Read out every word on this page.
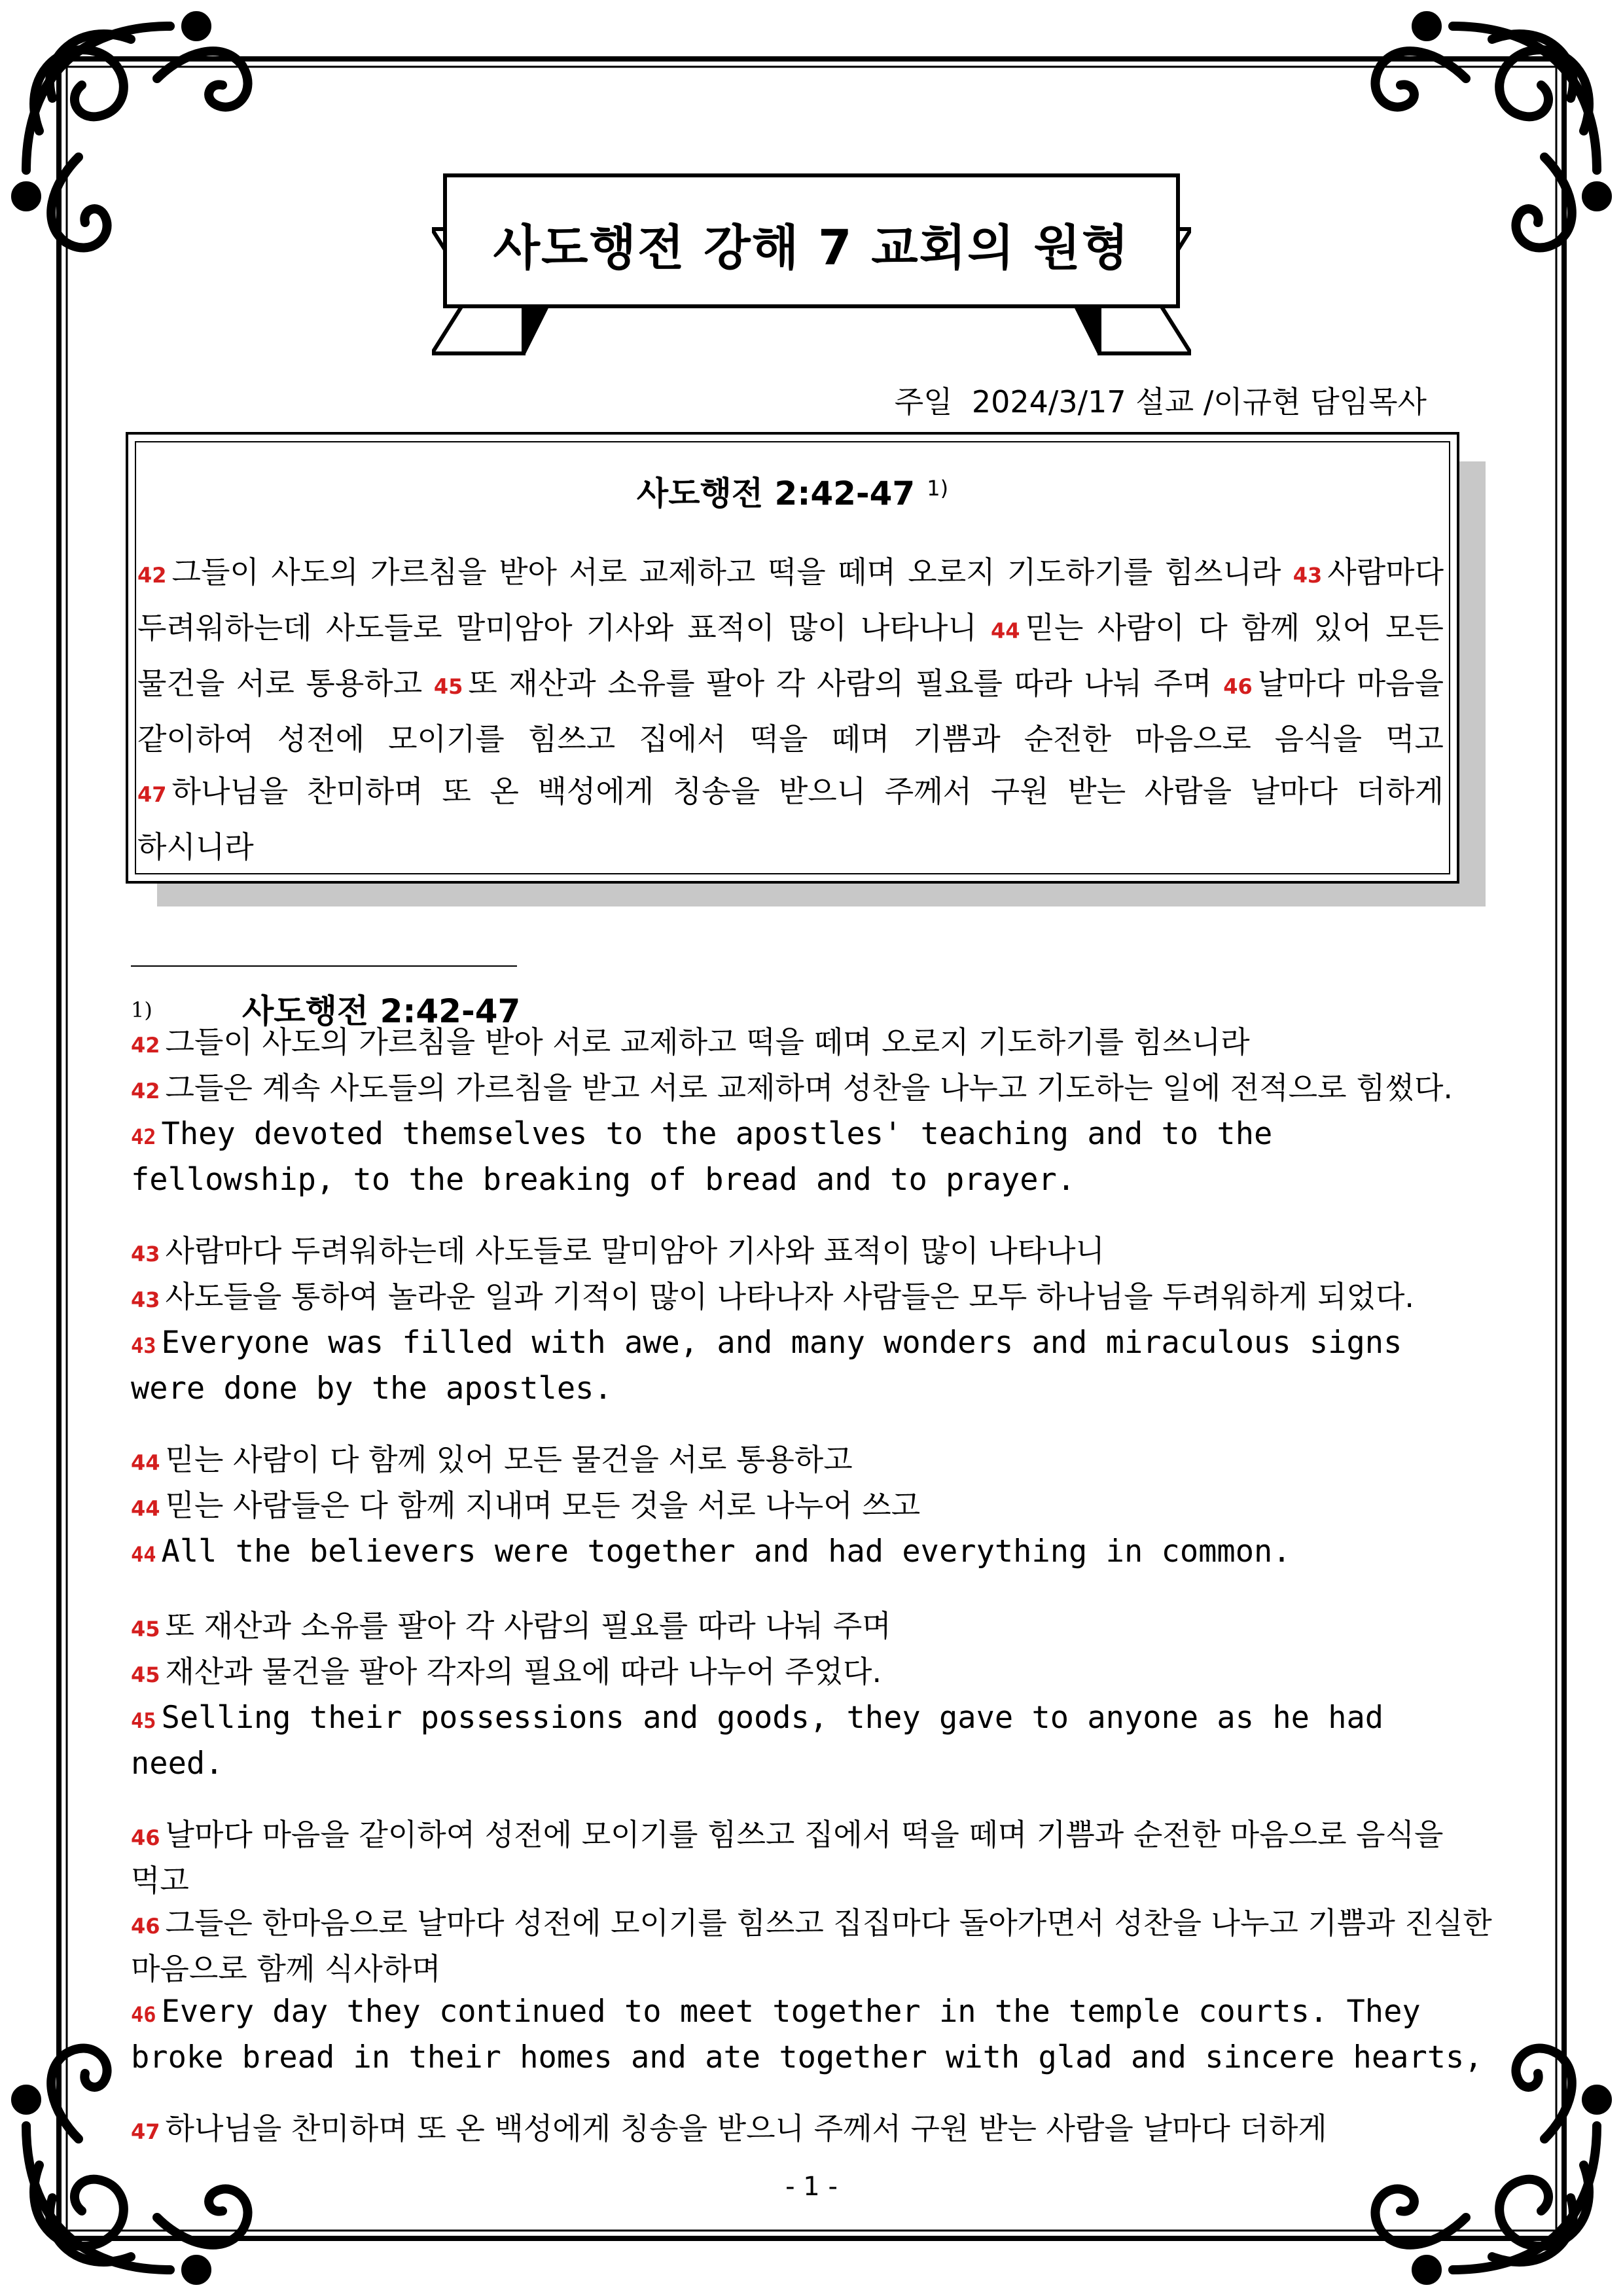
사도행전 강해 7 교회의 원형
주일  2024/3/17 설교 /이규현 담임목사
사도행전 2:42-47 $^{1)}$
42 그들이 사도의 가르침을 받아 서로 교제하고 떡을 떼며 오로지 기도하기를 힘쓰니라 43 사람마다 두려워하는데 사도들로 말미암아 기사와 표적이 많이 나타나니 44 믿는 사람이 다 함께 있어 모든 물건을 서로 통용하고 45 또 재산과 소유를 팔아 각 사람의 필요를 따라 나눠 주며 46 날마다 마음을 같이하여 성전에 모이기를 힘쓰고 집에서 떡을 떼며 기쁨과 순전한 마음으로 음식을 먹고 47 하나님을 찬미하며 또 온 백성에게 칭송을 받으니 주께서 구원 받는 사람을 날마다 더하게 하시니라
1)	사도행전 2:42-47

42 그들이 사도의 가르침을 받아 서로 교제하고 떡을 떼며 오로지 기도하기를 힘쓰니라

42 그들은 계속 사도들의 가르침을 받고 서로 교제하며 성찬을 나누고 기도하는 일에 전적으로 힘썼다.

42 They devoted themselves to the apostles' teaching and to the fellowship, to the breaking of bread and to prayer.

43 사람마다 두려워하는데 사도들로 말미암아 기사와 표적이 많이 나타나니

43 사도들을 통하여 놀라운 일과 기적이 많이 나타나자 사람들은 모두 하나님을 두려워하게 되었다.

43 Everyone was filled with awe, and many wonders and miraculous signs were done by the apostles.

44 믿는 사람이 다 함께 있어 모든 물건을 서로 통용하고

44 믿는 사람들은 다 함께 지내며 모든 것을 서로 나누어 쓰고

44 All the believers were together and had everything in common.

45 또 재산과 소유를 팔아 각 사람의 필요를 따라 나눠 주며

45 재산과 물건을 팔아 각자의 필요에 따라 나누어 주었다.

45 Selling their possessions and goods, they gave to anyone as he had need.

46 날마다 마음을 같이하여 성전에 모이기를 힘쓰고 집에서 떡을 떼며 기쁨과 순전한 마음으로 음식을 먹고

46 그들은 한마음으로 날마다 성전에 모이기를 힘쓰고 집집마다 돌아가면서 성찬을 나누고 기쁨과 진실한 마음으로 함께 식사하며

46 Every day they continued to meet together in the temple courts. They broke bread in their homes and ate together with glad and sincere hearts,

47 하나님을 찬미하며 또 온 백성에게 칭송을 받으니 주께서 구원 받는 사람을 날마다 더하게

- 1 -
